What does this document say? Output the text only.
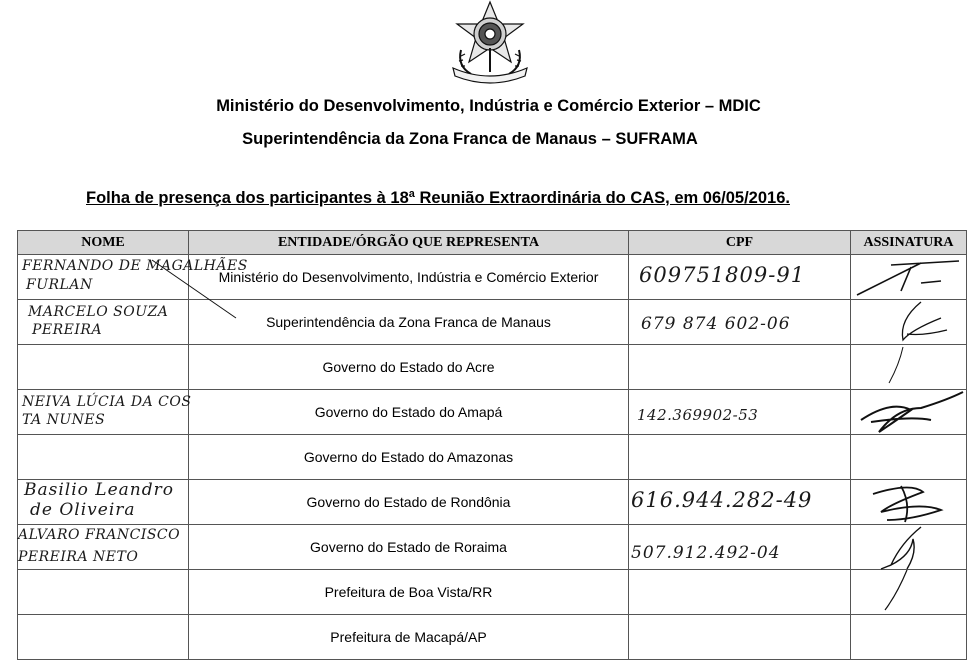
Ministério do Desenvolvimento, Indústria e Comércio Exterior – MDIC
Superintendência da Zona Franca de Manaus – SUFRAMA
Folha de presença dos participantes à 18ª Reunião Extraordinária do CAS, em 06/05/2016.
NOME	ENTIDADE/ÓRGÃO QUE REPRESENTA	CPF	ASSINATURA

FERNANDO DE MAGALHÃES
FURLAN	Ministério do Desenvolvimento, Indústria e Comércio Exterior	609751809-91

MARCELO SOUZA
PEREIRA	Superintendência da Zona Franca de Manaus	679 874 602-06

	Governo do Estado do Acre		

NEIVA LÚCIA DA COS
TA NUNES	Governo do Estado do Amapá	142.369902-53

	Governo do Estado do Amazonas		

Basilio Leandro
de Oliveira	Governo do Estado de Rondônia	616.944.282-49

ALVARO FRANCISCO
PEREIRA NETO	Governo do Estado de Roraima	507.912.492-04

	Prefeitura de Boa Vista/RR		

	Prefeitura de Macapá/AP		
